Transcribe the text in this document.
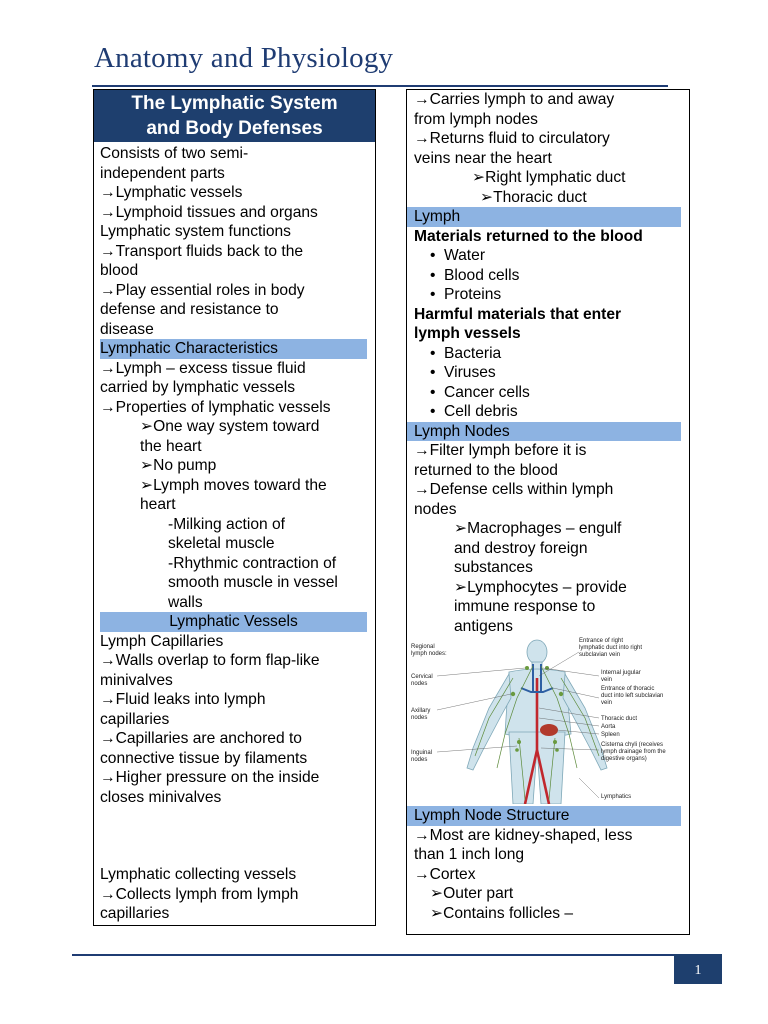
Anatomy and Physiology
The Lymphatic System
and Body Defenses
Consists of two semi-
independent parts
→Lymphatic vessels
→Lymphoid tissues and organs
Lymphatic system functions
→Transport fluids back to the
blood
→Play essential roles in body
defense and resistance to
disease
Lymphatic Characteristics
→Lymph – excess tissue fluid
carried by lymphatic vessels
→Properties of lymphatic vessels
➢One way system toward
the heart
➢No pump
➢Lymph moves toward the
heart
-Milking action of
skeletal muscle
-Rhythmic contraction of
smooth muscle in vessel
walls
Lymphatic Vessels
Lymph Capillaries
→Walls overlap to form flap-like
minivalves
→Fluid leaks into lymph
capillaries
→Capillaries are anchored to
connective tissue by filaments
→Higher pressure on the inside
closes minivalves
Lymphatic collecting vessels
→Collects lymph from lymph
capillaries
→Carries lymph to and away
from lymph nodes
→Returns fluid to circulatory
veins near the heart
➢Right lymphatic duct
➢Thoracic duct
Lymph
Materials returned to the blood
• Water
• Blood cells
• Proteins
Harmful materials that enter
lymph vessels
• Bacteria
• Viruses
• Cancer cells
• Cell debris
Lymph Nodes
→Filter lymph before it is
returned to the blood
→Defense cells within lymph
nodes
➢Macrophages – engulf
and destroy foreign
substances
➢Lymphocytes – provide
immune response to
antigens
Regional lymph nodes:
Cervical nodes
Axillary nodes
Inguinal nodes
Entrance of right lymphatic duct into right subclavian vein
Internal jugular vein
Entrance of thoracic duct into left subclavian vein
Thoracic duct
Aorta
Spleen
Cisterna chyli (receives lymph drainage from the digestive organs)
Lymphatics
Lymph Node Structure
→Most are kidney-shaped, less
than 1 inch long
→Cortex
➢Outer part
➢Contains follicles –
1
